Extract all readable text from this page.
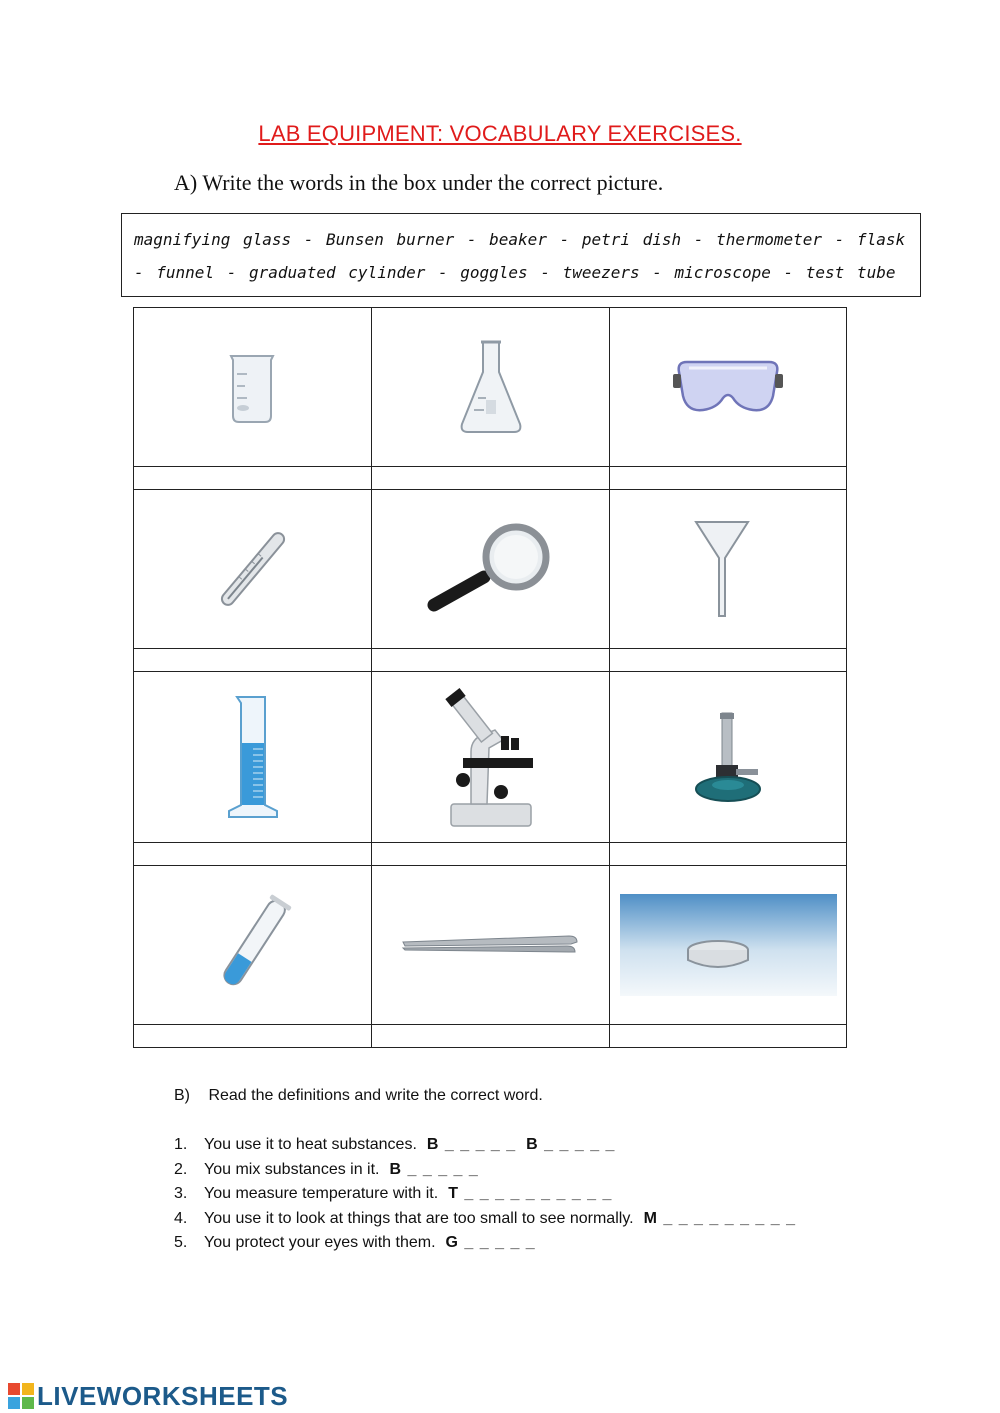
LAB EQUIPMENT: VOCABULARY EXERCISES.
A) Write the words in the box under the correct picture.
magnifying glass - Bunsen burner - beaker - petri dish - thermometer - flask
- funnel - graduated cylinder - goggles - tweezers - microscope - test tube

B) Read the definitions and write the correct word.
1. You use it to heat substances. B _ _ _ _ _ B _ _ _ _ _
2. You mix substances in it. B _ _ _ _ _
3. You measure temperature with it. T _ _ _ _ _ _ _ _ _ _
4. You use it to look at things that are too small to see normally. M _ _ _ _ _ _ _ _ _
5. You protect your eyes with them. G _ _ _ _ _
LIVEWORKSHEETS
